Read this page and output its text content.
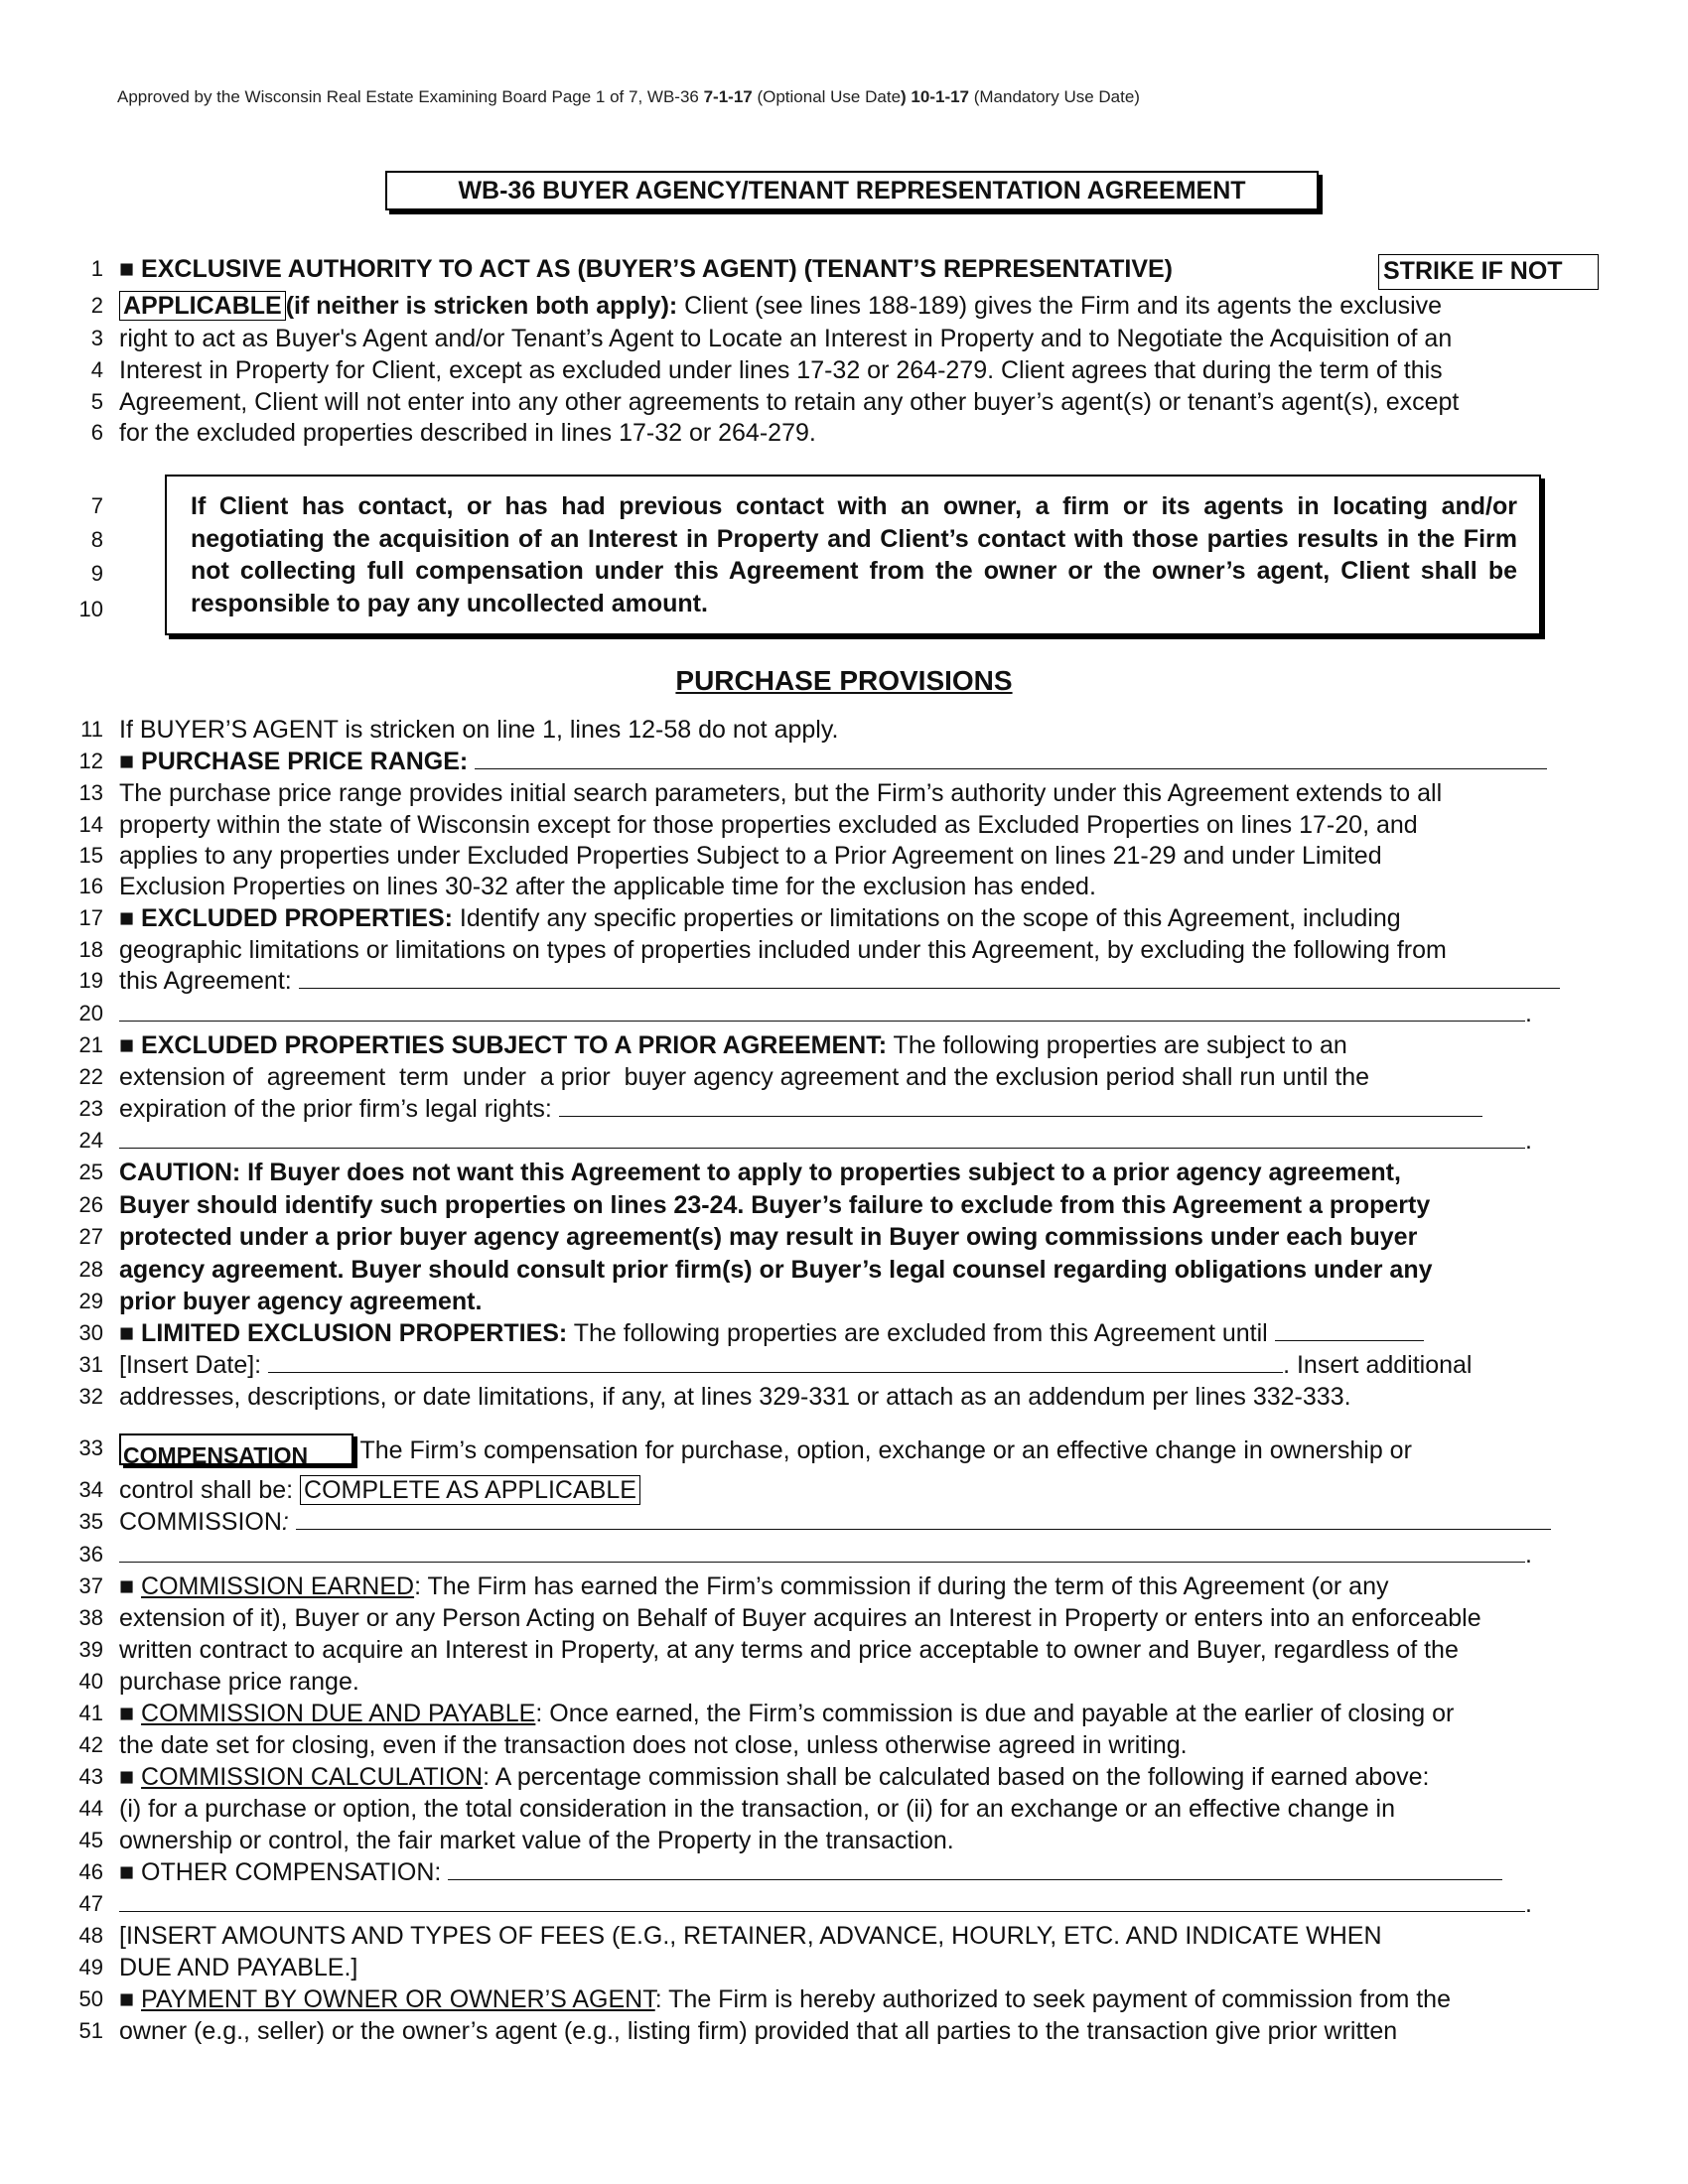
Approved by the Wisconsin Real Estate Examining Board Page 1 of 7, WB-36 7-1-17 (Optional Use Date) 10-1-17 (Mandatory Use Date)
WB-36 BUYER AGENCY/TENANT REPRESENTATION AGREEMENT
1 ■ EXCLUSIVE AUTHORITY TO ACT AS (BUYER’S AGENT) (TENANT’S REPRESENTATIVE)	STRIKE IF NOT
2 APPLICABLE (if neither is stricken both apply): Client (see lines 188-189) gives the Firm and its agents the exclusive
3 right to act as Buyer's Agent and/or Tenant’s Agent to Locate an Interest in Property and to Negotiate the Acquisition of an
4 Interest in Property for Client, except as excluded under lines 17-32 or 264-279. Client agrees that during the term of this
5 Agreement, Client will not enter into any other agreements to retain any other buyer’s agent(s) or tenant’s agent(s), except
6 for the excluded properties described in lines 17-32 or 264-279.
7
8
9
10
If Client has contact, or has had previous contact with an owner, a firm or its agents in locating and/or negotiating the acquisition of an Interest in Property and Client’s contact with those parties results in the Firm not collecting full compensation under this Agreement from the owner or the owner’s agent, Client shall be responsible to pay any uncollected amount.
PURCHASE PROVISIONS
11 If BUYER’S AGENT is stricken on line 1, lines 12-58 do not apply.
12 ■ PURCHASE PRICE RANGE:
13 The purchase price range provides initial search parameters, but the Firm’s authority under this Agreement extends to all
14 property within the state of Wisconsin except for those properties excluded as Excluded Properties on lines 17-20, and
15 applies to any properties under Excluded Properties Subject to a Prior Agreement on lines 21-29 and under Limited
16 Exclusion Properties on lines 30-32 after the applicable time for the exclusion has ended.
17 ■ EXCLUDED PROPERTIES: Identify any specific properties or limitations on the scope of this Agreement, including
18 geographic limitations or limitations on types of properties included under this Agreement, by excluding the following from
19 this Agreement:
20	.
21 ■ EXCLUDED PROPERTIES SUBJECT TO A PRIOR AGREEMENT: The following properties are subject to an
22 extension of  agreement  term  under  a prior  buyer agency agreement and the exclusion period shall run until the
23 expiration of the prior firm’s legal rights:
24	.
25 CAUTION: If Buyer does not want this Agreement to apply to properties subject to a prior agency agreement,
26 Buyer should identify such properties on lines 23-24. Buyer’s failure to exclude from this Agreement a property
27 protected under a prior buyer agency agreement(s) may result in Buyer owing commissions under each buyer
28 agency agreement. Buyer should consult prior firm(s) or Buyer’s legal counsel regarding obligations under any
29 prior buyer agency agreement.
30 ■ LIMITED EXCLUSION PROPERTIES: The following properties are excluded from this Agreement until
31 [Insert Date]:	. Insert additional
32 addresses, descriptions, or date limitations, if any, at lines 329-331 or attach as an addendum per lines 332-333.
33 COMPENSATION The Firm’s compensation for purchase, option, exchange or an effective change in ownership or
34 control shall be: COMPLETE AS APPLICABLE
35 COMMISSION:
36	.
37 ■ COMMISSION EARNED: The Firm has earned the Firm’s commission if during the term of this Agreement (or any
38 extension of it), Buyer or any Person Acting on Behalf of Buyer acquires an Interest in Property or enters into an enforceable
39 written contract to acquire an Interest in Property, at any terms and price acceptable to owner and Buyer, regardless of the
40 purchase price range.
41 ■ COMMISSION DUE AND PAYABLE: Once earned, the Firm’s commission is due and payable at the earlier of closing or
42 the date set for closing, even if the transaction does not close, unless otherwise agreed in writing.
43 ■ COMMISSION CALCULATION: A percentage commission shall be calculated based on the following if earned above:
44 (i) for a purchase or option, the total consideration in the transaction, or (ii) for an exchange or an effective change in
45 ownership or control, the fair market value of the Property in the transaction.
46 ■ OTHER COMPENSATION:
47	.
48 [INSERT AMOUNTS AND TYPES OF FEES (E.G., RETAINER, ADVANCE, HOURLY, ETC. AND INDICATE WHEN
49 DUE AND PAYABLE.]
50 ■ PAYMENT BY OWNER OR OWNER’S AGENT: The Firm is hereby authorized to seek payment of commission from the
51 owner (e.g., seller) or the owner’s agent (e.g., listing firm) provided that all parties to the transaction give prior written
